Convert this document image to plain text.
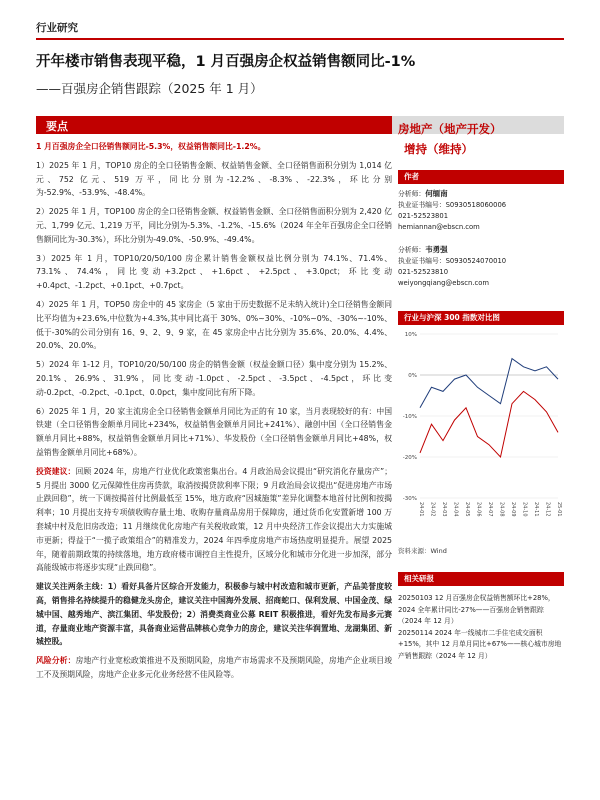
行业研究
开年楼市销售表现平稳，1 月百强房企权益销售额同比-1%
——百强房企销售跟踪（2025 年 1 月）
要点

1 月百强房企全口径销售额同比-5.3%，权益销售额同比-1.2%。

1）2025 年 1 月，TOP10 房企的全口径销售金额、权益销售金额、全口径销售面积分别为 1,014 亿元、752 亿元、519 万平，同比分别为-12.2%、-8.3%、-22.3%，环比分别为-52.9%、-53.9%、-48.4%。

2）2025 年 1 月，TOP100 房企的全口径销售金额、权益销售金额、全口径销售面积分别为 2,420 亿元、1,799 亿元、1,219 万平，同比分别为-5.3%、-1.2%、-15.6%（2024 年全年百强房企全口径销售额同比为-30.3%），环比分别为-49.0%、-50.9%、-49.4%。

3）2025 年 1 月，TOP10/20/50/100 房企累计销售金额权益比例分别为 74.1%、71.4%、73.1%、74.4%，同比变动+3.2pct、+1.6pct、+2.5pct、+3.0pct；环比变动+0.4pct、-1.2pct、+0.1pct、+0.7pct。

4）2025 年 1 月，TOP50 房企中的 45 家房企（5 家由于历史数据不足未纳入统计)全口径销售金额同比平均值为+23.6%,中位数为+4.3%,其中同比高于 30%、0%~30%、-10%~0%、-30%~-10%、低于-30%的公司分别有 16、9、2、9、9 家，在 45 家房企中占比分别为 35.6%、20.0%、4.4%、20.0%、20.0%。

5）2024 年 1-12 月，TOP10/20/50/100 房企的销售金额（权益金额口径）集中度分别为 15.2%、20.1%、26.9%、31.9%，同比变动-1.0pct、-2.5pct、-3.5pct、-4.5pct，环比变动-0.2pct、-0.2pct、-0.1pct、0.0pct，集中度同比有所下降。

6）2025 年 1 月，20 家主流房企全口径销售金额单月同比为正的有 10 家，当月表现较好的有：中国铁建（全口径销售金额单月同比+234%，权益销售金额单月同比+241%）、融创中国（全口径销售金额单月同比+88%，权益销售金额单月同比+71%）、华发股份（全口径销售金额单月同比+48%，权益销售金额单月同比+68%）。

投资建议：回顾 2024 年，房地产行业优化政策密集出台。4 月政治局会议提出“研究消化存量房产”；5 月提出 3000 亿元保障性住房再贷款，取消按揭贷款利率下限；9 月政治局会议提出“促进房地产市场止跌回稳”，统一下调按揭首付比例最低至 15%，地方政府“因城施策”差异化调整本地首付比例和按揭利率；10 月提出支持专项债收购存量土地、收购存量商品房用于保障房，通过货币化安置新增 100 万套城中村及危旧房改造；11 月继续优化房地产有关税收政策，12 月中央经济工作会议提出大力实施城市更新；得益于“一揽子政策组合”的精准发力，2024 年四季度房地产市场热度明显提升。展望 2025 年，随着前期政策的持续落地，地方政府楼市调控自主性提升，区域分化和城市分化进一步加深，部分高能级城市将逐步实现“止跌回稳”。

建议关注两条主线：1）看好具备片区综合开发能力，积极参与城中村改造和城市更新，产品美誉度较高，销售排名持续提升的稳健龙头房企，建议关注中国海外发展、招商蛇口、保利发展、中国金茂、绿城中国、越秀地产、滨江集团、华发股份；2）消费类商业公募 REIT 积极推进，看好先发布局多元赛道，存量商业地产资源丰富，具备商业运营品牌核心竞争力的房企，建议关注华润置地、龙湖集团、新城控股。

风险分析：房地产行业宽松政策推进不及预期风险，房地产市场需求不及预期风险，房地产企业项目竣工不及预期风险，房地产企业多元化业务经营不佳风险等。

房地产（地产开发）
增持（维持）
作者
分析师：何缅南
执业证书编号：S0930518060006
021-52523801
hemiannan@ebscn.com
分析师：韦勇强
执业证书编号：S0930524070010
021-52523810
weiyongqiang@ebscn.com
行业与沪深 300 指数对比图
-30%
-20%
-10%
0%
10%
24-01 24-02 24-03 24-04 24-05 24-06 24-07 24-08 24-09 24-10 24-11 24-12 25-01
资料来源：Wind
相关研报
20250103 12 月百强房企权益销售额环比+28%，2024 全年累计同比-27%——百强房企销售跟踪（2024 年 12 月）
20250114 2024 年一线城市二手住宅成交面积+15%，其中 12 月单月同比+67%——核心城市房地产销售跟踪（2024 年 12 月）
